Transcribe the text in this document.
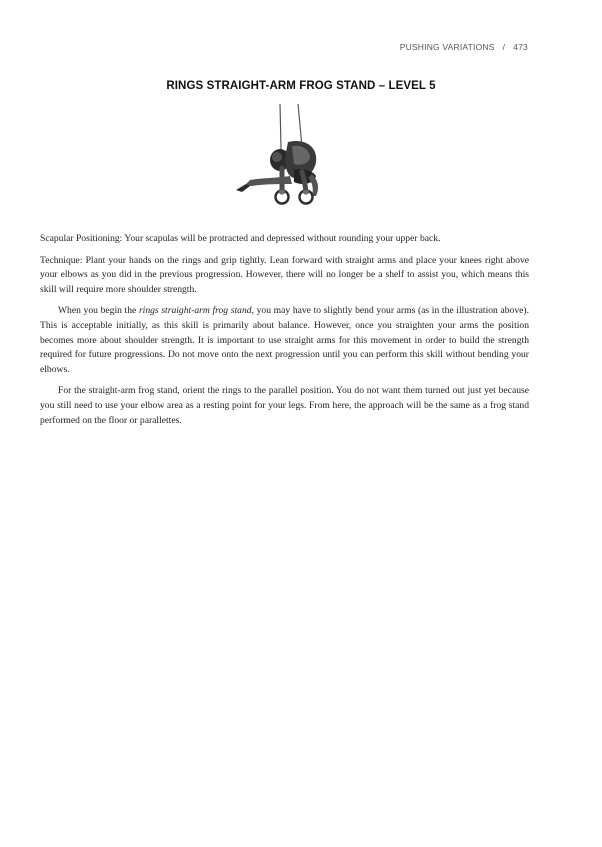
PUSHING VARIATIONS / 473
RINGS STRAIGHT-ARM FROG STAND – LEVEL 5

Scapular Positioning: Your scapulas will be protracted and depressed without rounding your upper back.

Technique: Plant your hands on the rings and grip tightly. Lean forward with straight arms and place your knees right above your elbows as you did in the previous progression. However, there will no longer be a shelf to assist you, which means this skill will require more shoulder strength.

When you begin the rings straight-arm frog stand, you may have to slightly bend your arms (as in the illustration above). This is acceptable initially, as this skill is primarily about balance. However, once you straighten your arms the position becomes more about shoulder strength. It is important to use straight arms for this movement in order to build the strength required for future progressions. Do not move onto the next progression until you can perform this skill without bending your elbows.

For the straight-arm frog stand, orient the rings to the parallel position. You do not want them turned out just yet because you still need to use your elbow area as a resting point for your legs. From here, the approach will be the same as a frog stand performed on the floor or parallettes.
